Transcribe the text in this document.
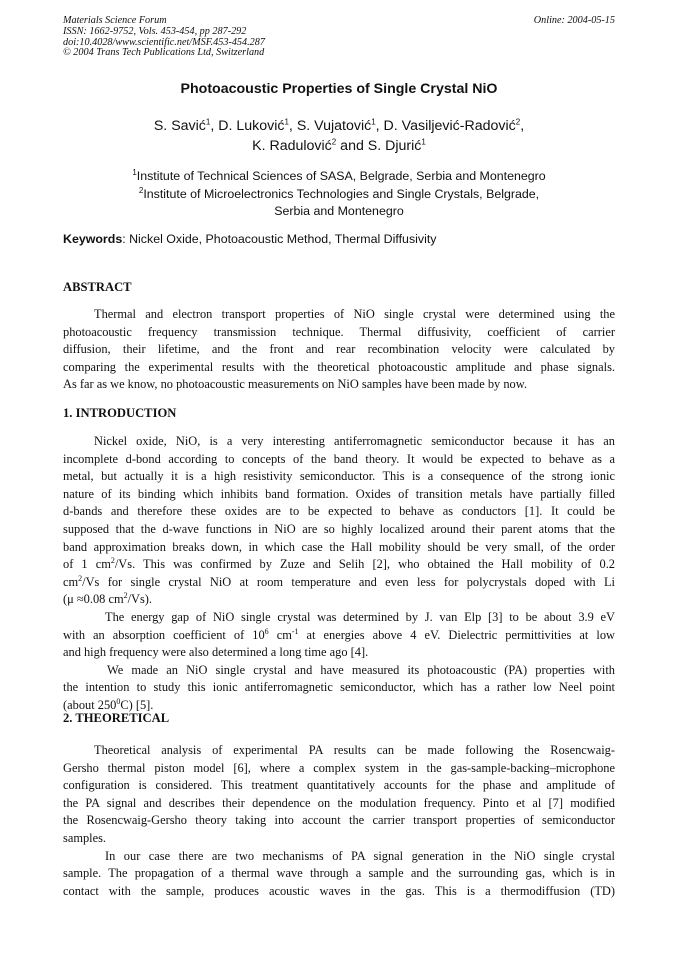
Materials Science Forum
ISSN: 1662-9752, Vols. 453-454, pp 287-292
doi:10.4028/www.scientific.net/MSF.453-454.287
© 2004 Trans Tech Publications Ltd, Switzerland
Online: 2004-05-15
Photoacoustic Properties of Single Crystal NiO
S. Savić$^1$, D. Luković$^1$, S. Vujatović$^1$, D. Vasiljević-Radović$^2$,
K. Radulović$^2$ and S. Djurić$^1$
$^1$Institute of Technical Sciences of SASA, Belgrade, Serbia and Montenegro
$^2$Institute of Microelectronics Technologies and Single Crystals, Belgrade,
Serbia and Montenegro
Keywords: Nickel Oxide, Photoacoustic Method, Thermal Diffusivity
ABSTRACT
Thermal and electron transport properties of NiO single crystal were determined using the
photoacoustic frequency transmission technique. Thermal diffusivity, coefficient of carrier
diffusion, their lifetime, and the front and rear recombination velocity were calculated by
comparing the experimental results with the theoretical photoacoustic amplitude and phase signals.
As far as we know, no photoacoustic measurements on NiO samples have been made by now.
1. INTRODUCTION
Nickel oxide, NiO, is a very interesting antiferromagnetic semiconductor because it has an
incomplete d-bond according to concepts of the band theory. It would be expected to behave as a
metal, but actually it is a high resistivity semiconductor. This is a consequence of the strong ionic
nature of its binding which inhibits band formation. Oxides of transition metals have partially filled
d-bands and therefore these oxides are to be expected to behave as conductors [1]. It could be
supposed that the d-wave functions in NiO are so highly localized around their parent atoms that the
band approximation breaks down, in which case the Hall mobility should be very small, of the order
of 1 $cm^2/Vs$. This was confirmed by Zuze and Selih [2], who obtained the Hall mobility of 0.2
$cm^2/Vs$ for single crystal NiO at room temperature and even less for polycrystals doped with Li
(μ ≈0.08 $cm^2/Vs$).
The energy gap of NiO single crystal was determined by J. van Elp [3] to be about 3.9 eV
with an absorption coefficient of $10^6$ $cm^{-1}$ at energies above 4 eV. Dielectric permittivities at low
and high frequency were also determined a long time ago [4].
We made an NiO single crystal and have measured its photoacoustic (PA) properties with
the intention to study this ionic antiferromagnetic semiconductor, which has a rather low Neel point
(about $250^0C$) [5].
2. THEORETICAL
Theoretical analysis of experimental PA results can be made following the Rosencwaig-
Gersho thermal piston model [6], where a complex system in the gas-sample-backing–microphone
configuration is considered. This treatment quantitatively accounts for the phase and amplitude of
the PA signal and describes their dependence on the modulation frequency. Pinto et al [7] modified
the Rosencwaig-Gersho theory taking into account the carrier transport properties of semiconductor
samples.
In our case there are two mechanisms of PA signal generation in the NiO single crystal
sample. The propagation of a thermal wave through a sample and the surrounding gas, which is in
contact with the sample, produces acoustic waves in the gas. This is a thermodiffusion (TD)
